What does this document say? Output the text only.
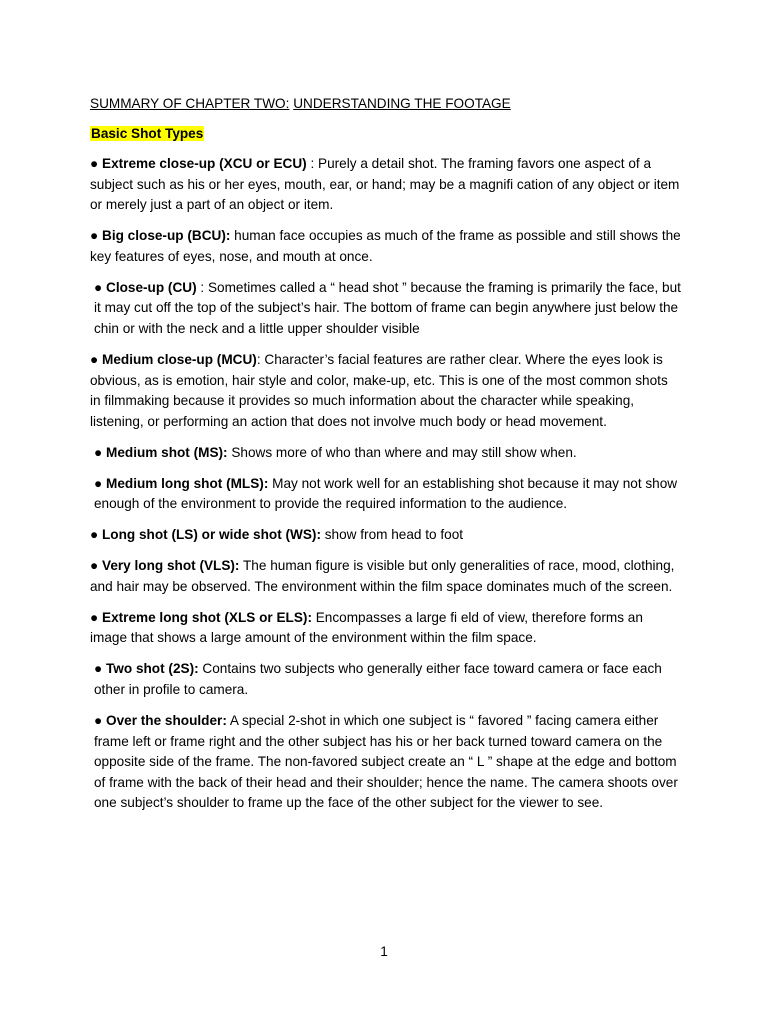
SUMMARY OF CHAPTER TWO: UNDERSTANDING THE FOOTAGE
Basic Shot Types

● Extreme close-up (XCU or ECU) : Purely a detail shot. The framing favors one aspect of a subject such as his or her eyes, mouth, ear, or hand; may be a magnifi cation of any object or item or merely just a part of an object or item.

● Big close-up (BCU): human face occupies as much of the frame as possible and still shows the key features of eyes, nose, and mouth at once.

● Close-up (CU) : Sometimes called a “ head shot ” because the framing is primarily the face, but it may cut off the top of the subject’s hair. The bottom of frame can begin anywhere just below the chin or with the neck and a little upper shoulder visible

● Medium close-up (MCU): Character’s facial features are rather clear. Where the eyes look is obvious, as is emotion, hair style and color, make-up, etc. This is one of the most common shots in filmmaking because it provides so much information about the character while speaking, listening, or performing an action that does not involve much body or head movement.

● Medium shot (MS): Shows more of who than where and may still show when.

● Medium long shot (MLS): May not work well for an establishing shot because it may not show enough of the environment to provide the required information to the audience.

● Long shot (LS) or wide shot (WS): show from head to foot

● Very long shot (VLS): The human figure is visible but only generalities of race, mood, clothing, and hair may be observed. The environment within the film space dominates much of the screen.

● Extreme long shot (XLS or ELS): Encompasses a large fi eld of view, therefore forms an image that shows a large amount of the environment within the film space.

● Two shot (2S): Contains two subjects who generally either face toward camera or face each other in profile to camera.

● Over the shoulder: A special 2-shot in which one subject is “ favored ” facing camera either frame left or frame right and the other subject has his or her back turned toward camera on the opposite side of the frame. The non-favored subject create an “ L ” shape at the edge and bottom of frame with the back of their head and their shoulder; hence the name. The camera shoots over one subject’s shoulder to frame up the face of the other subject for the viewer to see.

1
